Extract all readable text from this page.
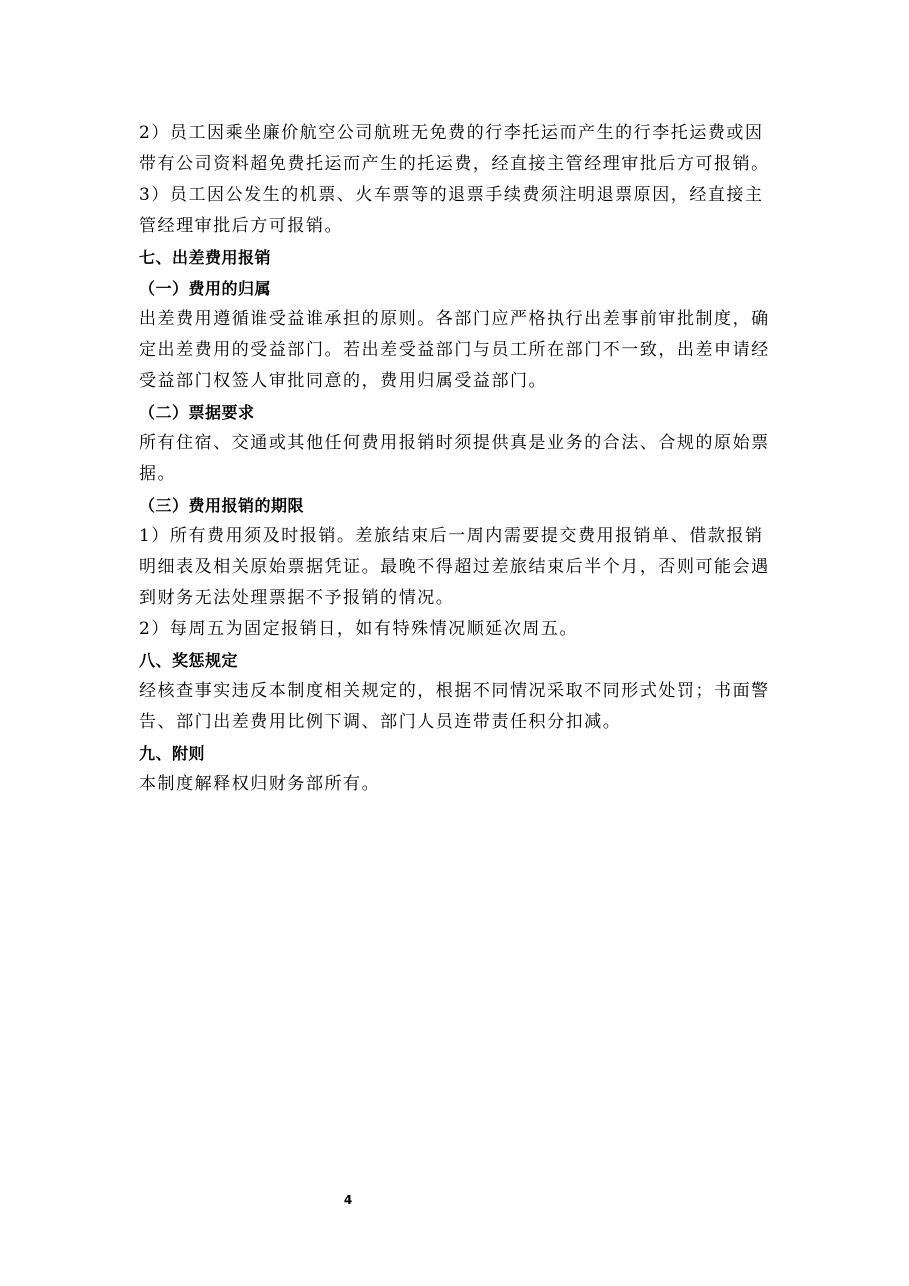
2）员工因乘坐廉价航空公司航班无免费的行李托运而产生的行李托运费或因带有公司资料超免费托运而产生的托运费，经直接主管经理审批后方可报销。

3）员工因公发生的机票、火车票等的退票手续费须注明退票原因，经直接主管经理审批后方可报销。

七、出差费用报销

（一）费用的归属

出差费用遵循谁受益谁承担的原则。各部门应严格执行出差事前审批制度，确定出差费用的受益部门。若出差受益部门与员工所在部门不一致，出差申请经受益部门权签人审批同意的，费用归属受益部门。

（二）票据要求

所有住宿、交通或其他任何费用报销时须提供真是业务的合法、合规的原始票据。

（三）费用报销的期限

1）所有费用须及时报销。差旅结束后一周内需要提交费用报销单、借款报销明细表及相关原始票据凭证。最晚不得超过差旅结束后半个月，否则可能会遇到财务无法处理票据不予报销的情况。

2）每周五为固定报销日，如有特殊情况顺延次周五。

八、奖惩规定

经核查事实违反本制度相关规定的，根据不同情况采取不同形式处罚；书面警告、部门出差费用比例下调、部门人员连带责任积分扣减。

九、附则

本制度解释权归财务部所有。

4
